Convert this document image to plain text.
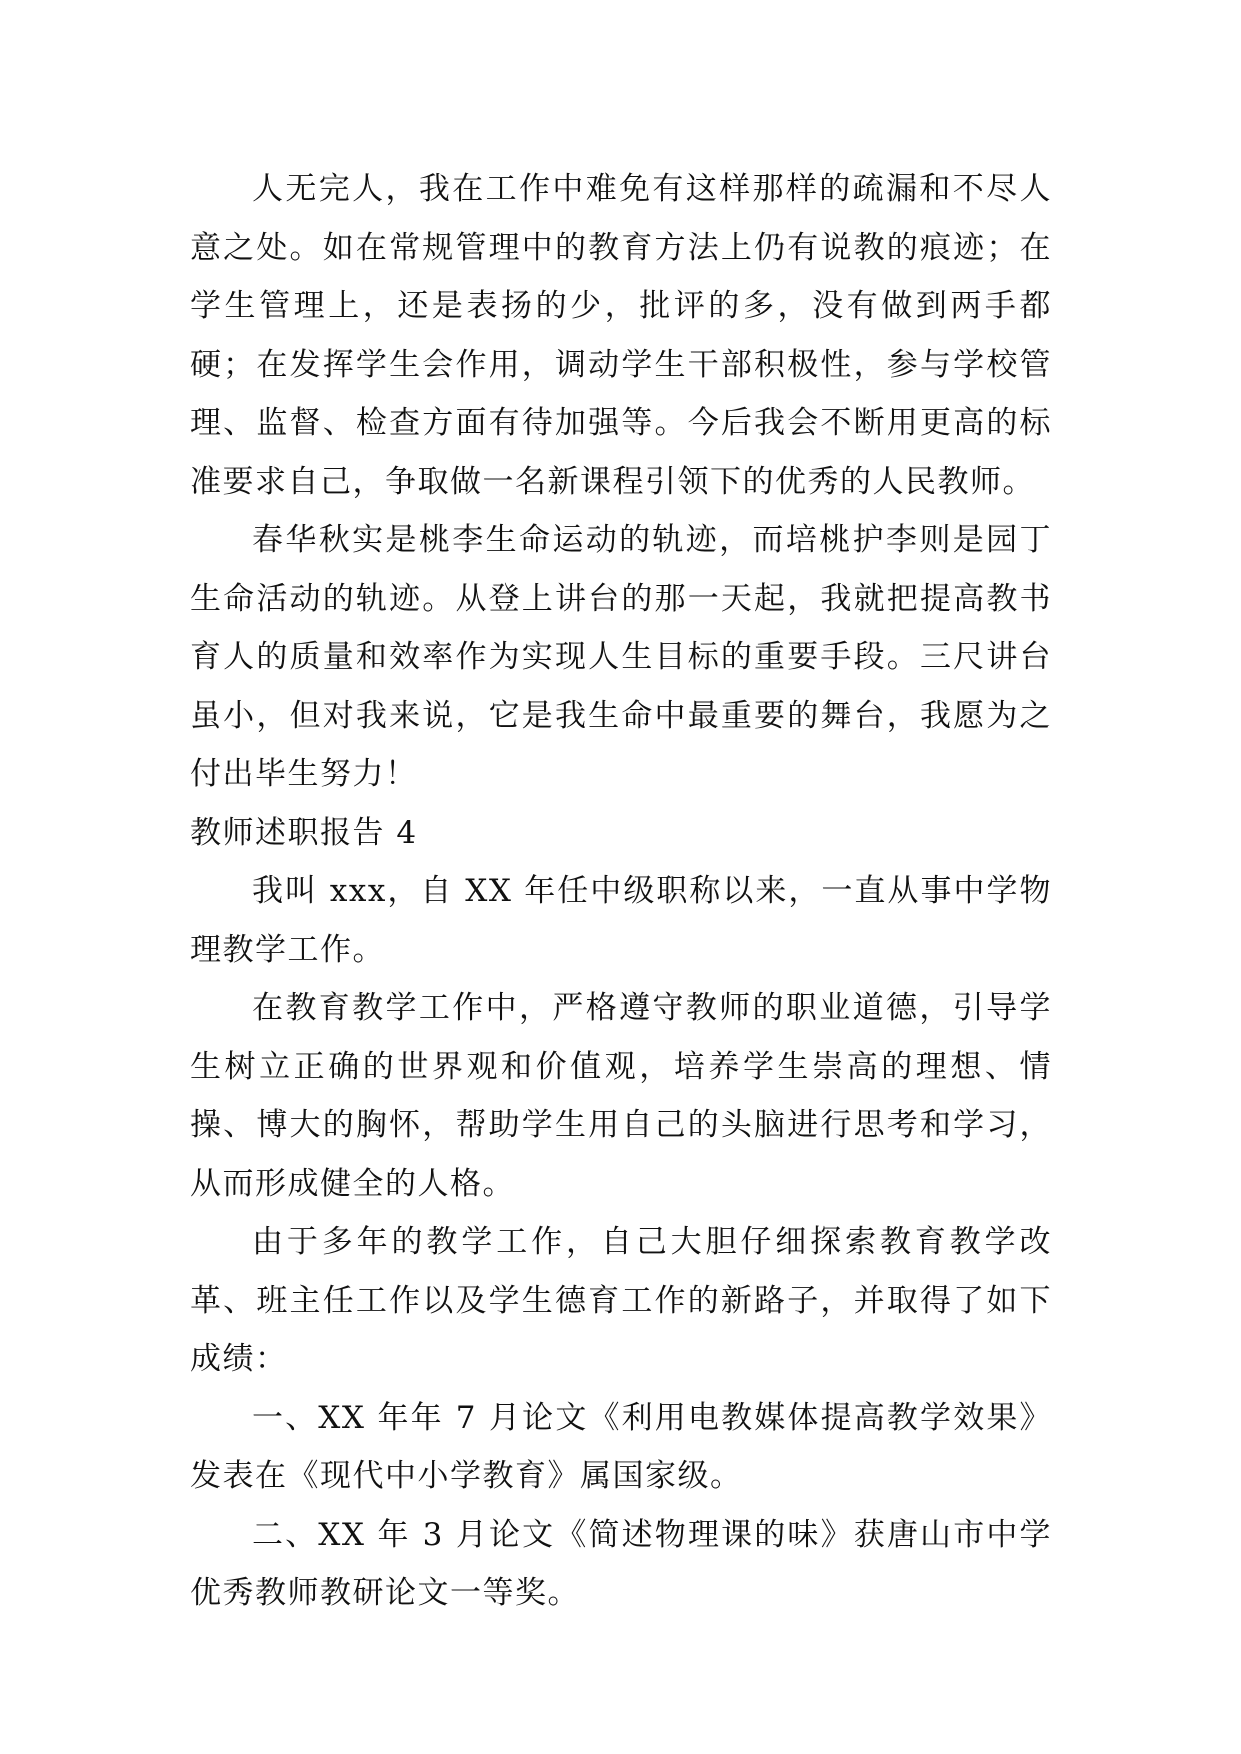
人无完人，我在工作中难免有这样那样的疏漏和不尽人意之处。如在常规管理中的教育方法上仍有说教的痕迹；在学生管理上，还是表扬的少，批评的多，没有做到两手都硬；在发挥学生会作用，调动学生干部积极性，参与学校管理、监督、检查方面有待加强等。今后我会不断用更高的标准要求自己，争取做一名新课程引领下的优秀的人民教师。

春华秋实是桃李生命运动的轨迹，而培桃护李则是园丁生命活动的轨迹。从登上讲台的那一天起，我就把提高教书育人的质量和效率作为实现人生目标的重要手段。三尺讲台虽小，但对我来说，它是我生命中最重要的舞台，我愿为之付出毕生努力！

教师述职报告 4

我叫 xxx，自 XX 年任中级职称以来，一直从事中学物理教学工作。

在教育教学工作中，严格遵守教师的职业道德，引导学生树立正确的世界观和价值观，培养学生崇高的理想、情操、博大的胸怀，帮助学生用自己的头脑进行思考和学习，从而形成健全的人格。

由于多年的教学工作，自己大胆仔细探索教育教学改革、班主任工作以及学生德育工作的新路子，并取得了如下成绩：

一、XX 年年 7 月论文《利用电教媒体提高教学效果》发表在《现代中小学教育》属国家级。

二、XX 年 3 月论文《简述物理课的味》获唐山市中学优秀教师教研论文一等奖。
